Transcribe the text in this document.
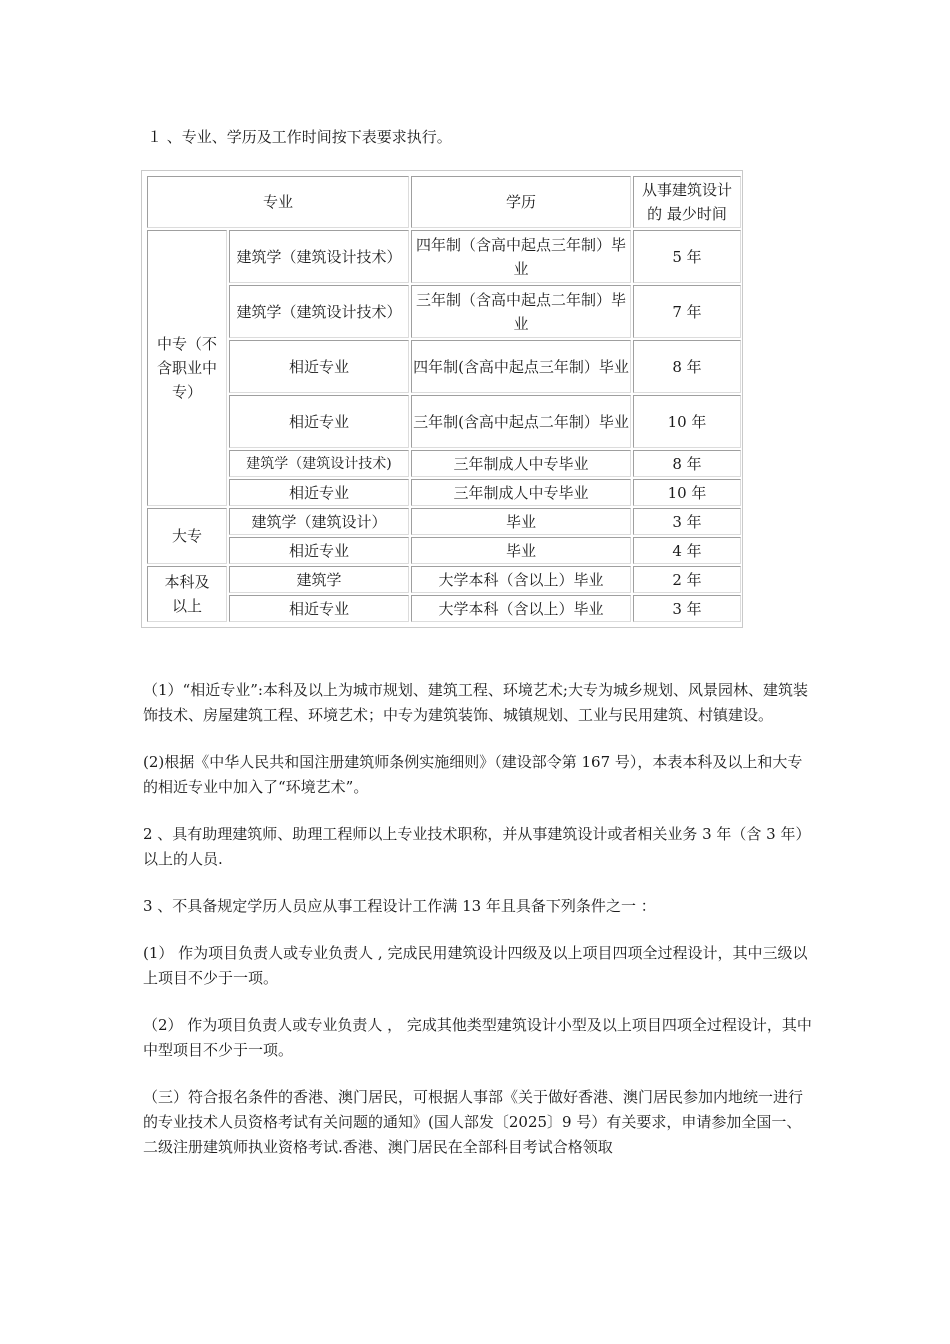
１ 、专业、学历及工作时间按下表要求执行。

专业		学历	从事建筑设计的 最少时间
中专（不含职业中专）	建筑学（建筑设计技术）	四年制（含高中起点三年制）毕业	5 年
	建筑学（建筑设计技术）	三年制（含高中起点二年制）毕业	7 年
	相近专业	四年制(含高中起点三年制）毕业	8 年
	相近专业	三年制(含高中起点二年制）毕业	10 年
	建筑学（建筑设计技术)	三年制成人中专毕业	8 年
	相近专业	三年制成人中专毕业	10 年
大专	建筑学（建筑设计）	毕业	3 年
	相近专业	毕业	4 年
本科及以上	建筑学	大学本科（含以上）毕业	2 年
	相近专业	大学本科（含以上）毕业	3 年

（1）“相近专业”:本科及以上为城市规划、建筑工程、环境艺术;大专为城乡规划、风景园林、建筑装饰技术、房屋建筑工程、环境艺术；中专为建筑装饰、城镇规划、工业与民用建筑、村镇建设。

(2)根据《中华人民共和国注册建筑师条例实施细则》（建设部令第 167 号），本表本科及以上和大专的相近专业中加入了“环境艺术”。

2 、具有助理建筑师、助理工程师以上专业技术职称，并从事建筑设计或者相关业务 3 年（含 3 年）以上的人员.

3 、不具备规定学历人员应从事工程设计工作满 13 年且具备下列条件之一 ：

(1） 作为项目负责人或专业负责人 , 完成民用建筑设计四级及以上项目四项全过程设计，其中三级以上项目不少于一项。

（2） 作为项目负责人或专业负责人 ， 完成其他类型建筑设计小型及以上项目四项全过程设计，其中中型项目不少于一项。

（三）符合报名条件的香港、澳门居民，可根据人事部《关于做好香港、澳门居民参加内地统一进行的专业技术人员资格考试有关问题的通知》(国人部发〔2025〕9 号）有关要求，申请参加全国一、二级注册建筑师执业资格考试.香港、澳门居民在全部科目考试合格领取
